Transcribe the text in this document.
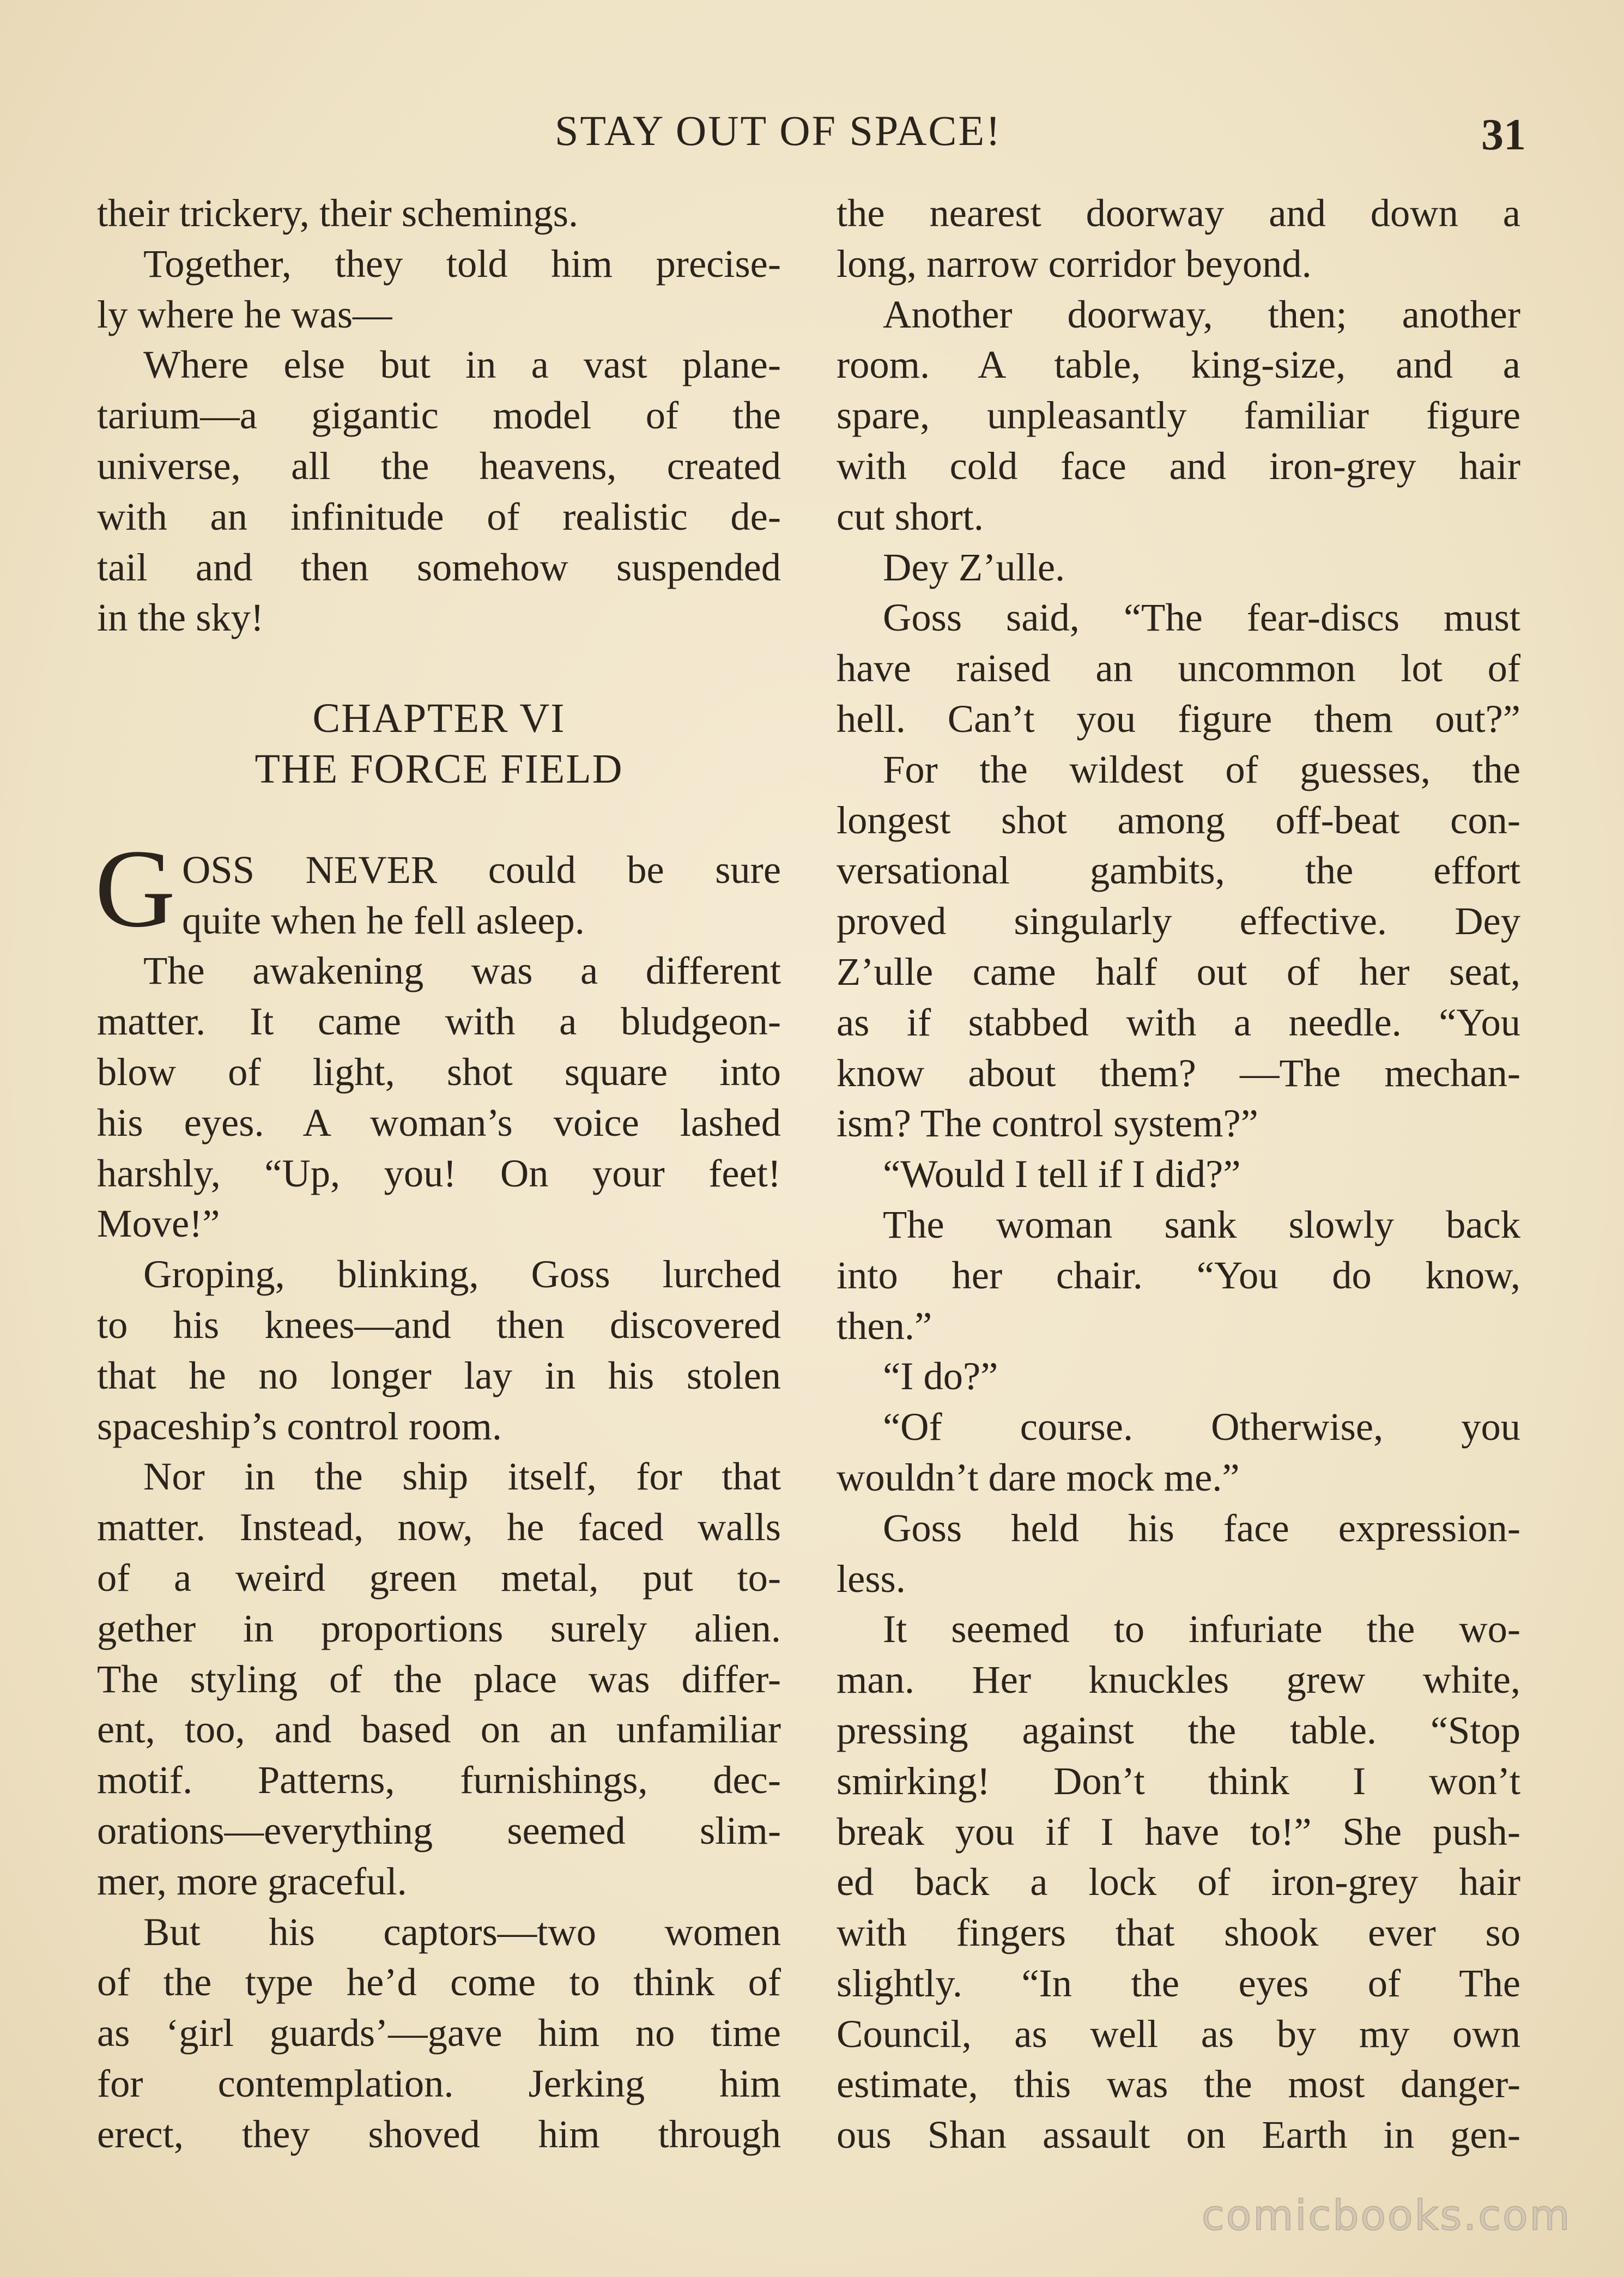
STAY OUT OF SPACE!	31

their trickery, their schemings.

Together, they told him precise-

ly where he was—

Where else but in a vast plane-

tarium—a gigantic model of the

universe, all the heavens, created

with an infinitude of realistic de-

tail and then somehow suspended

in the sky!

CHAPTER VI
THE FORCE FIELD
G OSS NEVER could be sure

quite when he fell asleep.

The awakening was a different

matter. It came with a bludgeon-

blow of light, shot square into

his eyes. A woman’s voice lashed

harshly, “Up, you! On your feet!

Move!”

Groping, blinking, Goss lurched

to his knees—and then discovered

that he no longer lay in his stolen

spaceship’s control room.

Nor in the ship itself, for that

matter. Instead, now, he faced walls

of a weird green metal, put to-

gether in proportions surely alien.

The styling of the place was differ-

ent, too, and based on an unfamiliar

motif. Patterns, furnishings, dec-

orations—everything seemed slim-

mer, more graceful.

But his captors—two women

of the type he’d come to think of

as ‘girl guards’—gave him no time

for contemplation. Jerking him

erect, they shoved him through

the nearest doorway and down a

long, narrow corridor beyond.

Another doorway, then; another

room. A table, king-size, and a

spare, unpleasantly familiar figure

with cold face and iron-grey hair

cut short.

Dey Z’ulle.

Goss said, “The fear-discs must

have raised an uncommon lot of

hell. Can’t you figure them out?”

For the wildest of guesses, the

longest shot among off-beat con-

versational gambits, the effort

proved singularly effective. Dey

Z’ulle came half out of her seat,

as if stabbed with a needle. “You

know about them? —The mechan-

ism? The control system?”

“Would I tell if I did?”

The woman sank slowly back

into her chair. “You do know,

then.”

“I do?”

“Of course. Otherwise, you

wouldn’t dare mock me.”

Goss held his face expression-

less.

It seemed to infuriate the wo-

man. Her knuckles grew white,

pressing against the table. “Stop

smirking! Don’t think I won’t

break you if I have to!” She push-

ed back a lock of iron-grey hair

with fingers that shook ever so

slightly. “In the eyes of The

Council, as well as by my own

estimate, this was the most danger-

ous Shan assault on Earth in gen-

comicbooks.com
